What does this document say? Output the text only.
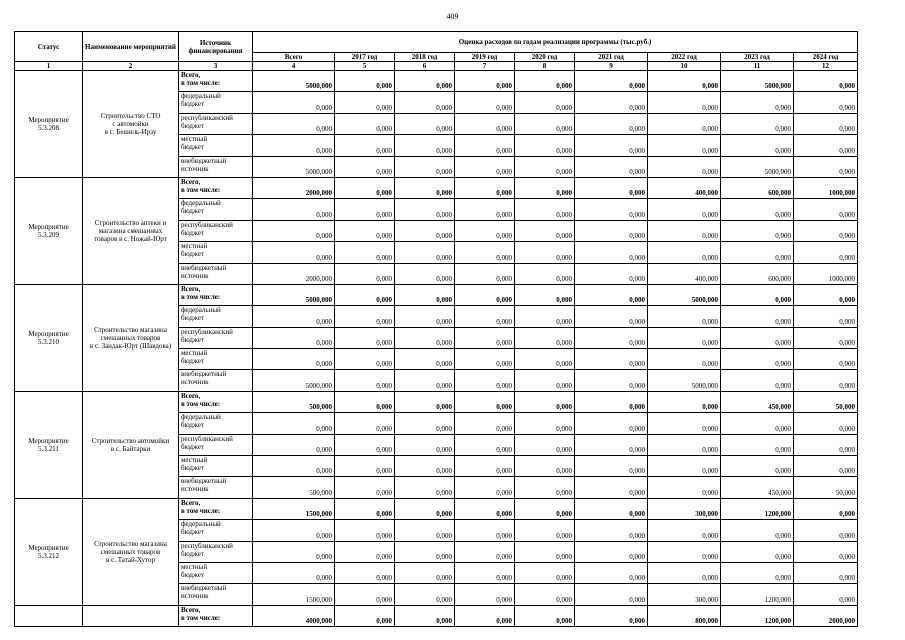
409
Статус	Наименование мероприятий	Источник финансирования	Оценка расходов по годам реализации программы (тыс.руб.)								
			Всего	2017 год	2018 год	2019 год	2020 год	2021 год	2022 год	2023 год	2024 год
1	2	3	4	5	6	7	8	9	10	11	12
Мероприятие
5.3.208	Строительство СТО
с автомойки
в с. Бешиль-Ирзу	Всего,
в том числе:	5000,000	0,000	0,000	0,000	0,000	0,000	0,000	5000,000	0,000
		федеральный
бюджет	0,000	0,000	0,000	0,000	0,000	0,000	0,000	0,000	0,000
		республиканский
бюджет	0,000	0,000	0,000	0,000	0,000	0,000	0,000	0,000	0,000
		местный
бюджет	0,000	0,000	0,000	0,000	0,000	0,000	0,000	0,000	0,000
		внебюджетный
источник	5000,000	0,000	0,000	0,000	0,000	0,000	0,000	5000,000	0,000
Мероприятие
5.3.209	Строительство аптеки и
магазина смешанных
товаров в с. Ножай-Юрт	Всего,
в том числе:	2000,000	0,000	0,000	0,000	0,000	0,000	400,000	600,000	1000,000
		федеральный
бюджет	0,000	0,000	0,000	0,000	0,000	0,000	0,000	0,000	0,000
		республиканский
бюджет	0,000	0,000	0,000	0,000	0,000	0,000	0,000	0,000	0,000
		местный
бюджет	0,000	0,000	0,000	0,000	0,000	0,000	0,000	0,000	0,000
		внебюджетный
источник	2000,000	0,000	0,000	0,000	0,000	0,000	400,000	600,000	1000,000
Мероприятие
5.3.210	Строительство магазина
смешанных товаров
в с. Зандак-Юрт (Шавдова)	Всего,
в том числе:	5000,000	0,000	0,000	0,000	0,000	0,000	5000,000	0,000	0,000
		федеральный
бюджет	0,000	0,000	0,000	0,000	0,000	0,000	0,000	0,000	0,000
		республиканский
бюджет	0,000	0,000	0,000	0,000	0,000	0,000	0,000	0,000	0,000
		местный
бюджет	0,000	0,000	0,000	0,000	0,000	0,000	0,000	0,000	0,000
		внебюджетный
источник	5000,000	0,000	0,000	0,000	0,000	0,000	5000,000	0,000	0,000
Мероприятие
5.3.211	Строительство автомойки
в с. Байтарки	Всего,
в том числе:	500,000	0,000	0,000	0,000	0,000	0,000	0,000	450,000	50,000
		федеральный
бюджет	0,000	0,000	0,000	0,000	0,000	0,000	0,000	0,000	0,000
		республиканский
бюджет	0,000	0,000	0,000	0,000	0,000	0,000	0,000	0,000	0,000
		местный
бюджет	0,000	0,000	0,000	0,000	0,000	0,000	0,000	0,000	0,000
		внебюджетный
источник	500,000	0,000	0,000	0,000	0,000	0,000	0,000	450,000	50,000
Мероприятие
5.3.212	Строительство магазина
смешанных товаров
в с. Татай-Хутор	Всего,
в том числе:	1500,000	0,000	0,000	0,000	0,000	0,000	300,000	1200,000	0,000
		федеральный
бюджет	0,000	0,000	0,000	0,000	0,000	0,000	0,000	0,000	0,000
		республиканский
бюджет	0,000	0,000	0,000	0,000	0,000	0,000	0,000	0,000	0,000
		местный
бюджет	0,000	0,000	0,000	0,000	0,000	0,000	0,000	0,000	0,000
		внебюджетный
источник	1500,000	0,000	0,000	0,000	0,000	0,000	300,000	1200,000	0,000
		Всего,
в том числе:	4000,000	0,000	0,000	0,000	0,000	0,000	800,000	1200,000	2000,000
